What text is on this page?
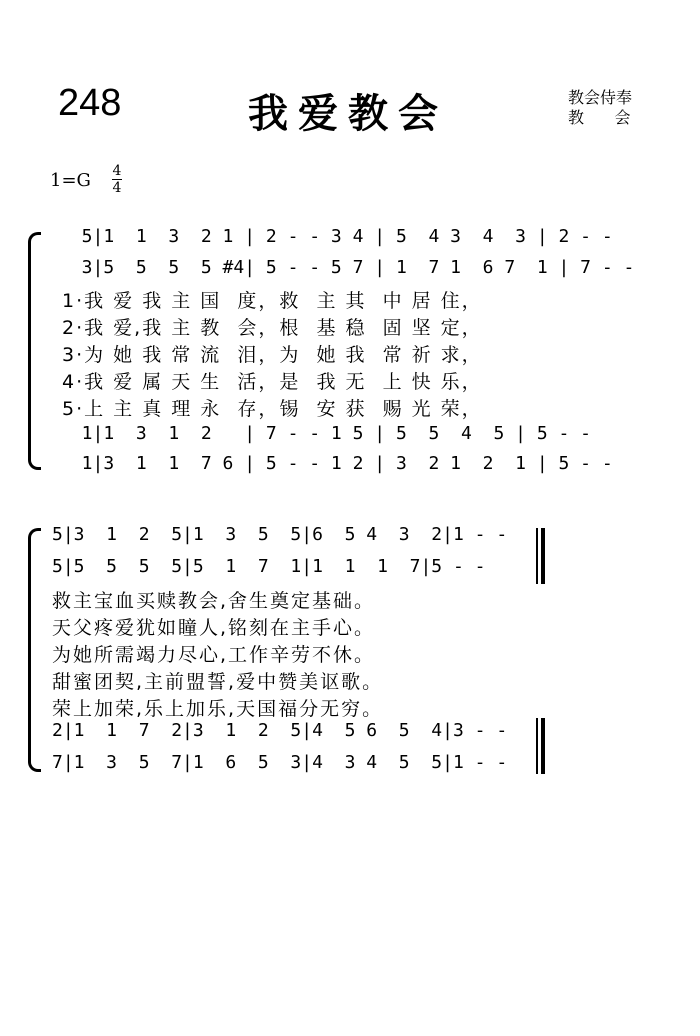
248	我爱教会	教会侍奉
教      会
1=G 4
4
5|1  1  3  2 1 | 2 - - 3 4 | 5  4 3  4  3 | 2 - -
3|5  5  5  5 #4| 5 - - 5 7 | 1  7 1  6 7  1 | 7 - -
1·我 爱 我 主 国  度，救  主 其  中 居 住，
2·我 爱,我 主 教  会，根  基 稳  固 坚 定，
3·为 她 我 常 流  泪，为  她 我  常 祈 求，
4·我 爱 属 天 生  活，是  我 无  上 快 乐，
5·上 主 真 理 永  存，锡  安 获  赐 光 荣，
1|1  3  1  2   | 7 - - 1 5 | 5  5  4  5 | 5 - -
1|3  1  1  7 6 | 5 - - 1 2 | 3  2 1  2  1 | 5 - -
5|3  1  2  5|1  3  5  5|6  5 4  3  2|1 - -
5|5  5  5  5|5  1  7  1|1  1  1  7|5 - -
救主宝血买赎教会,舍生奠定基础。
天父疼爱犹如瞳人,铭刻在主手心。
为她所需竭力尽心,工作辛劳不休。
甜蜜团契,主前盟誓,爱中赞美讴歌。
荣上加荣,乐上加乐,天国福分无穷。
2|1  1  7  2|3  1  2  5|4  5 6  5  4|3 - -
7|1  3  5  7|1  6  5  3|4  3 4  5  5|1 - -
